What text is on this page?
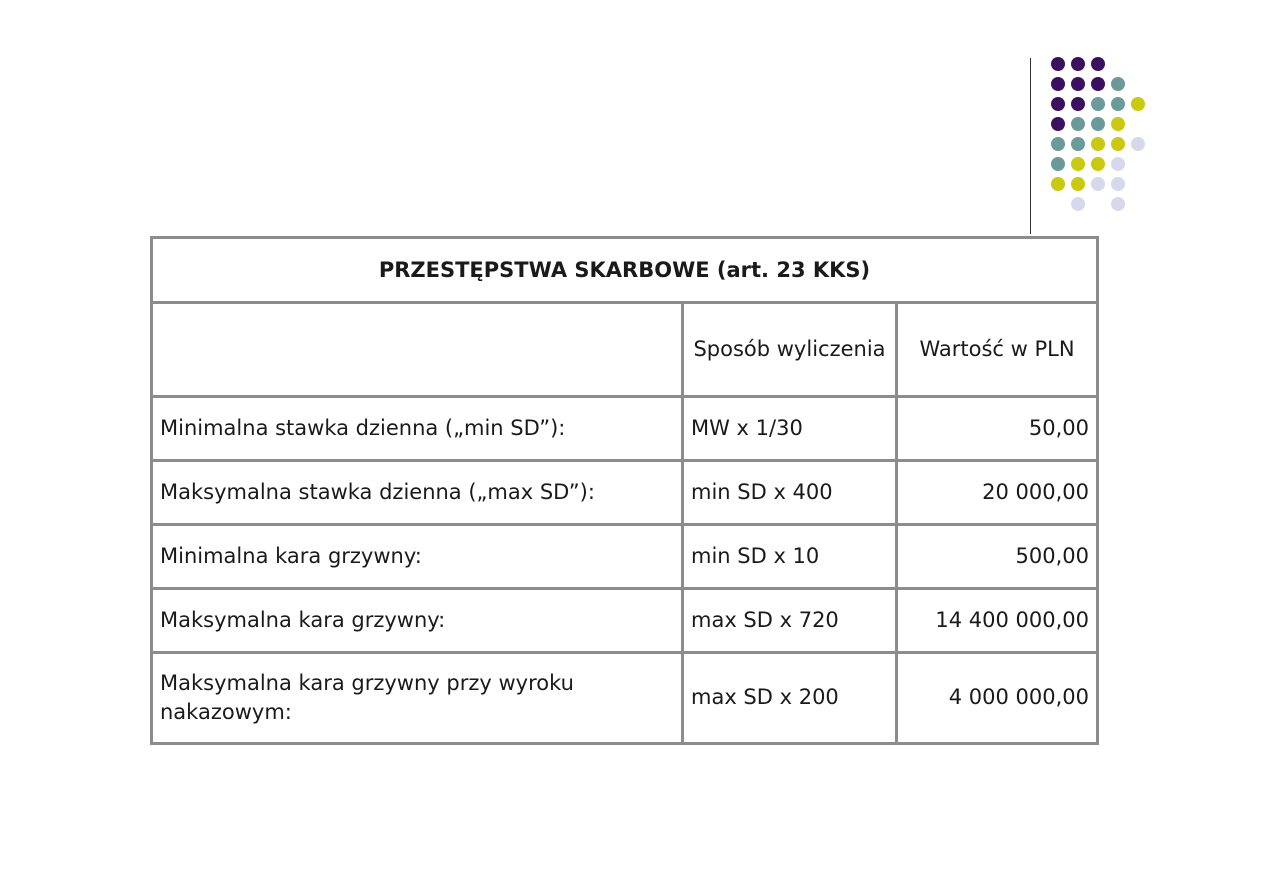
PRZESTĘPSTWA SKARBOWE (art. 23 KKS)		
	Sposób wyliczenia	Wartość w PLN
Minimalna stawka dzienna („min SD”):	MW x 1/30	50,00
Maksymalna stawka dzienna („max SD”):	min SD x 400	20 000,00
Minimalna kara grzywny:	min SD x 10	500,00
Maksymalna kara grzywny:	max SD x 720	14 400 000,00
Maksymalna kara grzywny przy wyroku nakazowym:	max SD x 200	4 000 000,00
